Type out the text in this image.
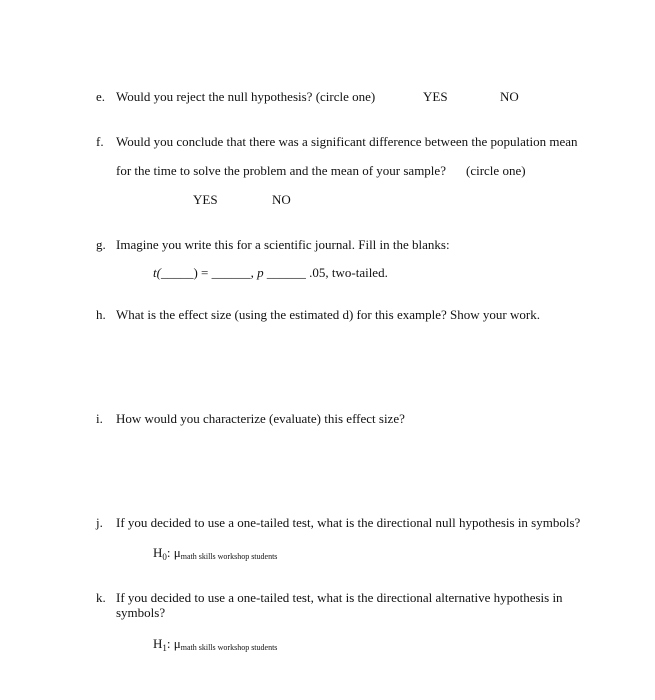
e. Would you reject the null hypothesis? (circle one)	YES	NO
f. Would you conclude that there was a significant difference between the population mean
for the time to solve the problem and the mean of your sample? (circle one)
YES	NO
g. Imagine you write this for a scientific journal. Fill in the blanks:
t(_____) = ______, p ______ .05, two-tailed.
h. What is the effect size (using the estimated d) for this example? Show your work.
i. How would you characterize (evaluate) this effect size?
j. If you decided to use a one-tailed test, what is the directional null hypothesis in symbols?
$H_0$: μmath skills workshop students
k. If you decided to use a one-tailed test, what is the directional alternative hypothesis in
symbols?
$H_1$: μmath skills workshop students
